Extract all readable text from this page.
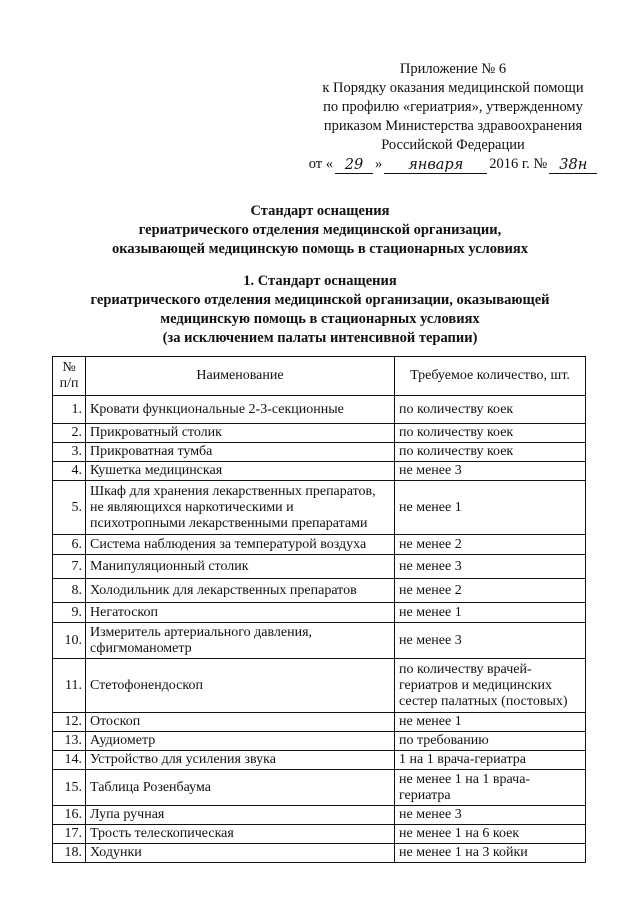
Приложение № 6
к Порядку оказания медицинской помощи
по профилю «гериатрия», утвержденному
приказом Министерства здравоохранения
Российской Федерации
от « 29 »	января	2016 г. № 38н
Стандарт оснащения
гериатрического отделения медицинской организации,
оказывающей медицинскую помощь в стационарных условиях
1. Стандарт оснащения
гериатрического отделения медицинской организации, оказывающей
медицинскую помощь в стационарных условиях
(за исключением палаты интенсивной терапии)
№ п/п	Наименование	Требуемое количество, шт.
1.	Кровати функциональные 2-3-секционные	по количеству коек
2.	Прикроватный столик	по количеству коек
3.	Прикроватная тумба	по количеству коек
4.	Кушетка медицинская	не менее 3
5.	Шкаф для хранения лекарственных препаратов, не являющихся наркотическими и психотропными лекарственными препаратами	не менее 1
6.	Система наблюдения за температурой воздуха	не менее 2
7.	Манипуляционный столик	не менее 3
8.	Холодильник для лекарственных препаратов	не менее 2
9.	Негатоскоп	не менее 1
10.	Измеритель артериального давления, сфигмоманометр	не менее 3
11.	Стетофонендоскоп	по количеству врачей-гериатров и медицинских сестер палатных (постовых)
12.	Отоскоп	не менее 1
13.	Аудиометр	по требованию
14.	Устройство для усиления звука	1 на 1 врача-гериатра
15.	Таблица Розенбаума	не менее 1 на 1 врача-гериатра
16.	Лупа ручная	не менее 3
17.	Трость телескопическая	не менее 1 на 6 коек
18.	Ходунки	не менее 1 на 3 койки
